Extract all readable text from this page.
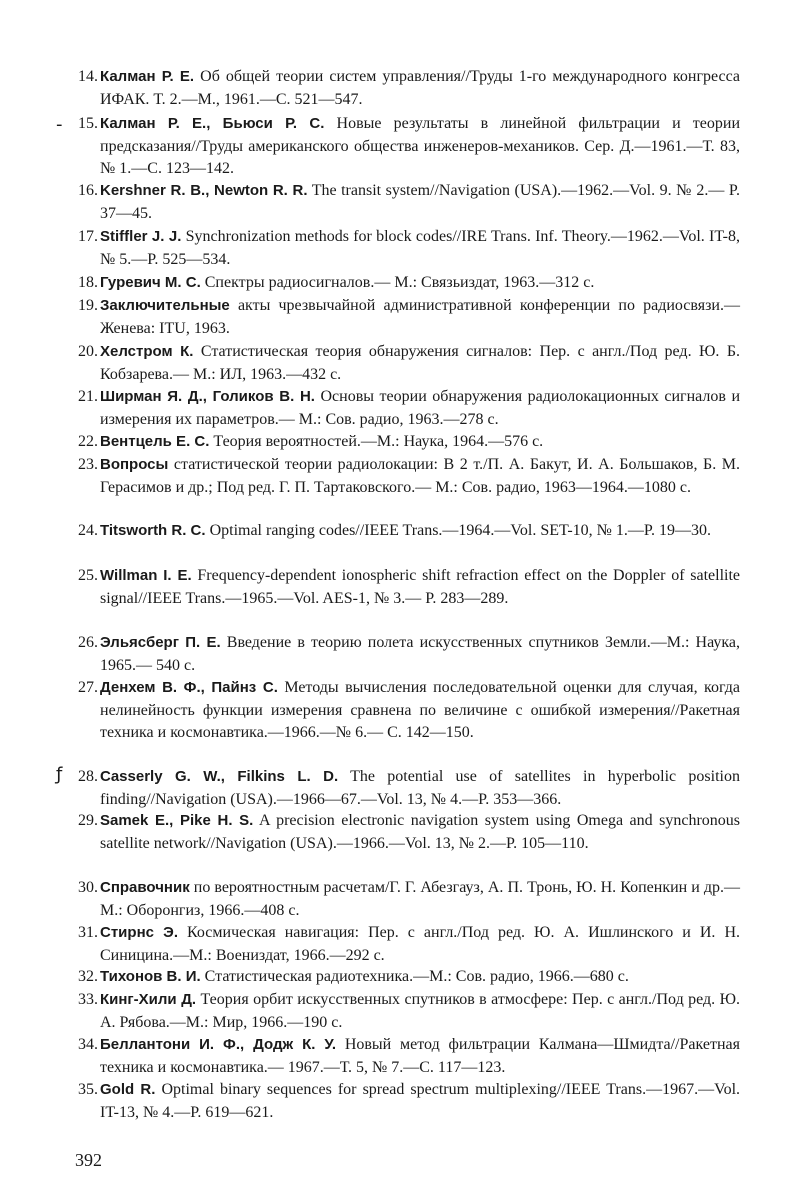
14. Калман Р. Е. Об общей теории систем управления//Труды 1-го международного конгресса ИФАК. Т. 2.—М., 1961.—С. 521—547.
- 15. Калман Р. Е., Бьюси Р. С. Новые результаты в линейной фильтрации и теории предсказания//Труды американского общества инженеров-механиков. Сер. Д.—1961.—Т. 83, № 1.—С. 123—142.
16. Kershner R. B., Newton R. R. The transit system//Navigation (USA).—1962.—Vol. 9. № 2.— P. 37—45.
17. Stiffler J. J. Synchronization methods for block codes//IRE Trans. Inf. Theory.—1962.—Vol. IT-8, № 5.—P. 525—534.
18. Гуревич М. С. Спектры радиосигналов.— М.: Связьиздат, 1963.—312 с.
19. Заключительные акты чрезвычайной административной конференции по радиосвязи.—Женева: ITU, 1963.
20. Хелстром К. Статистическая теория обнаружения сигналов: Пер. с англ./Под ред. Ю. Б. Кобзарева.— М.: ИЛ, 1963.—432 с.
21. Ширман Я. Д., Голиков В. Н. Основы теории обнаружения радиолокационных сигналов и измерения их параметров.— М.: Сов. радио, 1963.—278 с.
22. Вентцель Е. С. Теория вероятностей.—М.: Наука, 1964.—576 с.
23. Вопросы статистической теории радиолокации: В 2 т./П. А. Бакут, И. А. Большаков, Б. М. Герасимов и др.; Под ред. Г. П. Тартаковского.— М.: Сов. радио, 1963—1964.—1080 с.
24. Titsworth R. C. Optimal ranging codes//IEEE Trans.—1964.—Vol. SET-10, № 1.—P. 19—30.
25. Willman I. E. Frequency-dependent ionospheric shift refraction effect on the Doppler of satellite signal//IEEE Trans.—1965.—Vol. AES-1, № 3.— P. 283—289.
26. Эльясберг П. Е. Введение в теорию полета искусственных спутников Земли.—М.: Наука, 1965.— 540 с.
27. Денхем В. Ф., Пайнз С. Методы вычисления последовательной оценки для случая, когда нелинейность функции измерения сравнена по величине с ошибкой измерения//Ракетная техника и космонавтика.—1966.—№ 6.— С. 142—150.
ƒ 28. Casserly G. W., Filkins L. D. The potential use of satellites in hyperbolic position finding//Navigation (USA).—1966—67.—Vol. 13, № 4.—P. 353—366.
29. Samek E., Pike H. S. A precision electronic navigation system using Omega and synchronous satellite network//Navigation (USA).—1966.—Vol. 13, № 2.—P. 105—110.
30. Справочник по вероятностным расчетам/Г. Г. Абезгауз, А. П. Тронь, Ю. Н. Копенкин и др.—М.: Оборонгиз, 1966.—408 с.
31. Стирнс Э. Космическая навигация: Пер. с англ./Под ред. Ю. А. Ишлинского и И. Н. Синицина.—М.: Воениздат, 1966.—292 с.
32. Тихонов В. И. Статистическая радиотехника.—М.: Сов. радио, 1966.—680 с.
33. Кинг-Хили Д. Теория орбит искусственных спутников в атмосфере: Пер. с англ./Под ред. Ю. А. Рябова.—М.: Мир, 1966.—190 с.
34. Беллантони И. Ф., Додж К. У. Новый метод фильтрации Калмана—Шмидта//Ракетная техника и космонавтика.— 1967.—Т. 5, № 7.—С. 117—123.
35. Gold R. Optimal binary sequences for spread spectrum multiplexing//IEEE Trans.—1967.—Vol. IT-13, № 4.—P. 619—621.
392
